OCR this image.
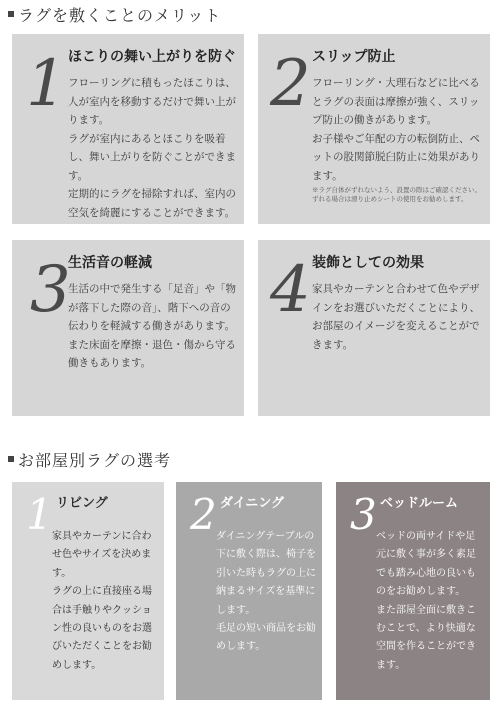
ラグを敷くことのメリット
1 ほこりの舞い上がりを防ぐ

フローリングに積もったほこりは、人が室内を移動するだけで舞い上がります。

ラグが室内にあるとほこりを吸着し、舞い上がりを防ぐことができます。

定期的にラグを掃除すれば、室内の空気を綺麗にすることができます。

2 スリップ防止

フローリング・大理石などに比べるとラグの表面は摩擦が強く、スリップ防止の働きがあります。

お子様やご年配の方の転倒防止、ペットの股関節脱臼防止に効果があります。

※ラグ自体がずれないよう、設置の際はご確認ください。ずれる場合は滑り止めシートの使用をお勧めします。
3
生活音の軽減

生活の中で発生する「足音」や「物が落下した際の音」、階下への音の伝わりを軽減する働きがあります。

また床面を摩擦・退色・傷から守る働きもあります。

4 装飾としての効果

家具やカーテンと合わせて色やデザインをお選びいただくことにより、お部屋のイメージを変えることができます。

お部屋別ラグの選考
1 リビング

家具やカーテンに合わせ色やサイズを決めます。

ラグの上に直接座る場合は手触りやクッション性の良いものをお選びいただくことをお勧めします。

2 ダイニング

ダイニングテーブルの下に敷く際は、椅子を引いた時もラグの上に納まるサイズを基準にします。

毛足の短い商品をお勧めします。

3 ベッドルーム

ベッドの両サイドや足元に敷く事が多く素足でも踏み心地の良いものをお勧めします。

また部屋全面に敷きこむことで、より快適な空間を作ることができます。
